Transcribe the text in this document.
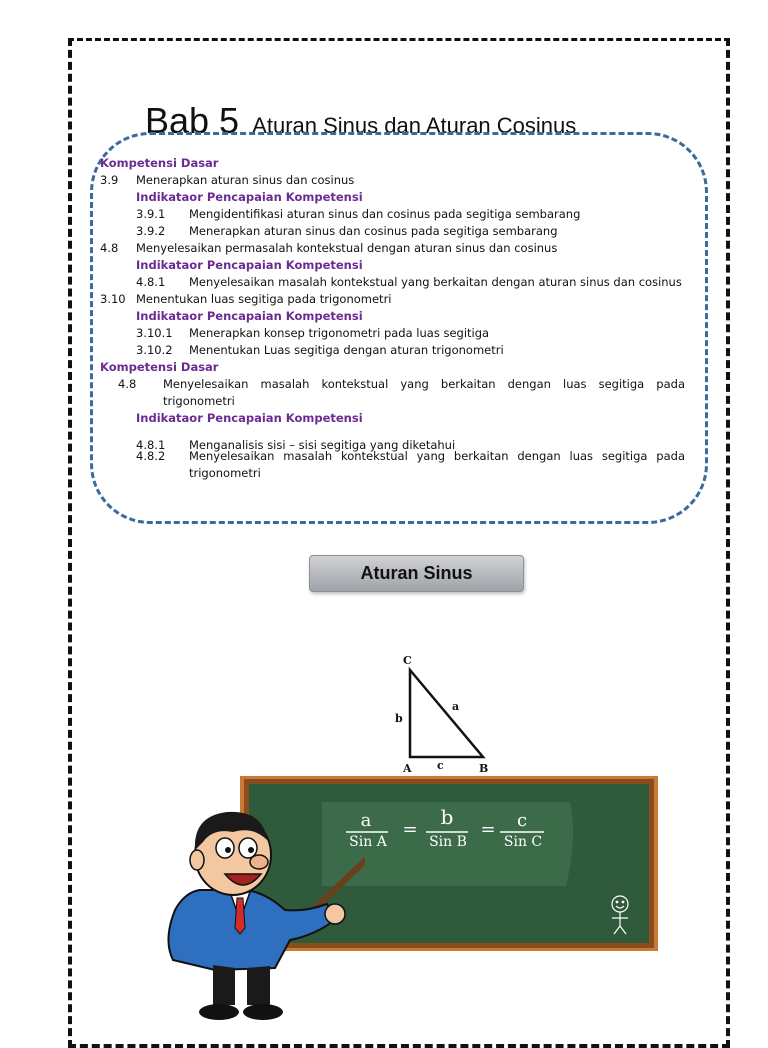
Bab 5 Aturan Sinus dan Aturan Cosinus
Kompetensi Dasar
3.9 Menerapkan aturan sinus dan cosinus
Indikataor Pencapaian Kompetensi
3.9.1 Mengidentifikasi aturan sinus dan cosinus pada segitiga sembarang
3.9.2 Menerapkan aturan sinus dan cosinus pada segitiga sembarang
4.8 Menyelesaikan permasalah kontekstual dengan aturan sinus dan cosinus
Indikataor Pencapaian Kompetensi
4.8.1	Menyelesaikan masalah kontekstual yang berkaitan dengan aturan sinus dan cosinus
3.10 Menentukan luas segitiga pada trigonometri
Indikataor Pencapaian Kompetensi
3.10.1 Menerapkan konsep trigonometri pada luas segitiga
3.10.2 Menentukan Luas segitiga dengan aturan trigonometri
Kompetensi Dasar
4.8	Menyelesaikan masalah kontekstual yang berkaitan dengan luas segitiga pada trigonometri
Indikataor Pencapaian Kompetensi
4.8.1 Menganalisis sisi – sisi segitiga yang diketahui
4.8.2	Menyelesaikan masalah kontekstual yang berkaitan dengan luas segitiga pada trigonometri
Aturan Sinus
C
A	B
b
a
c
a
Sin A
=
b
Sin B
= c
Sin C
